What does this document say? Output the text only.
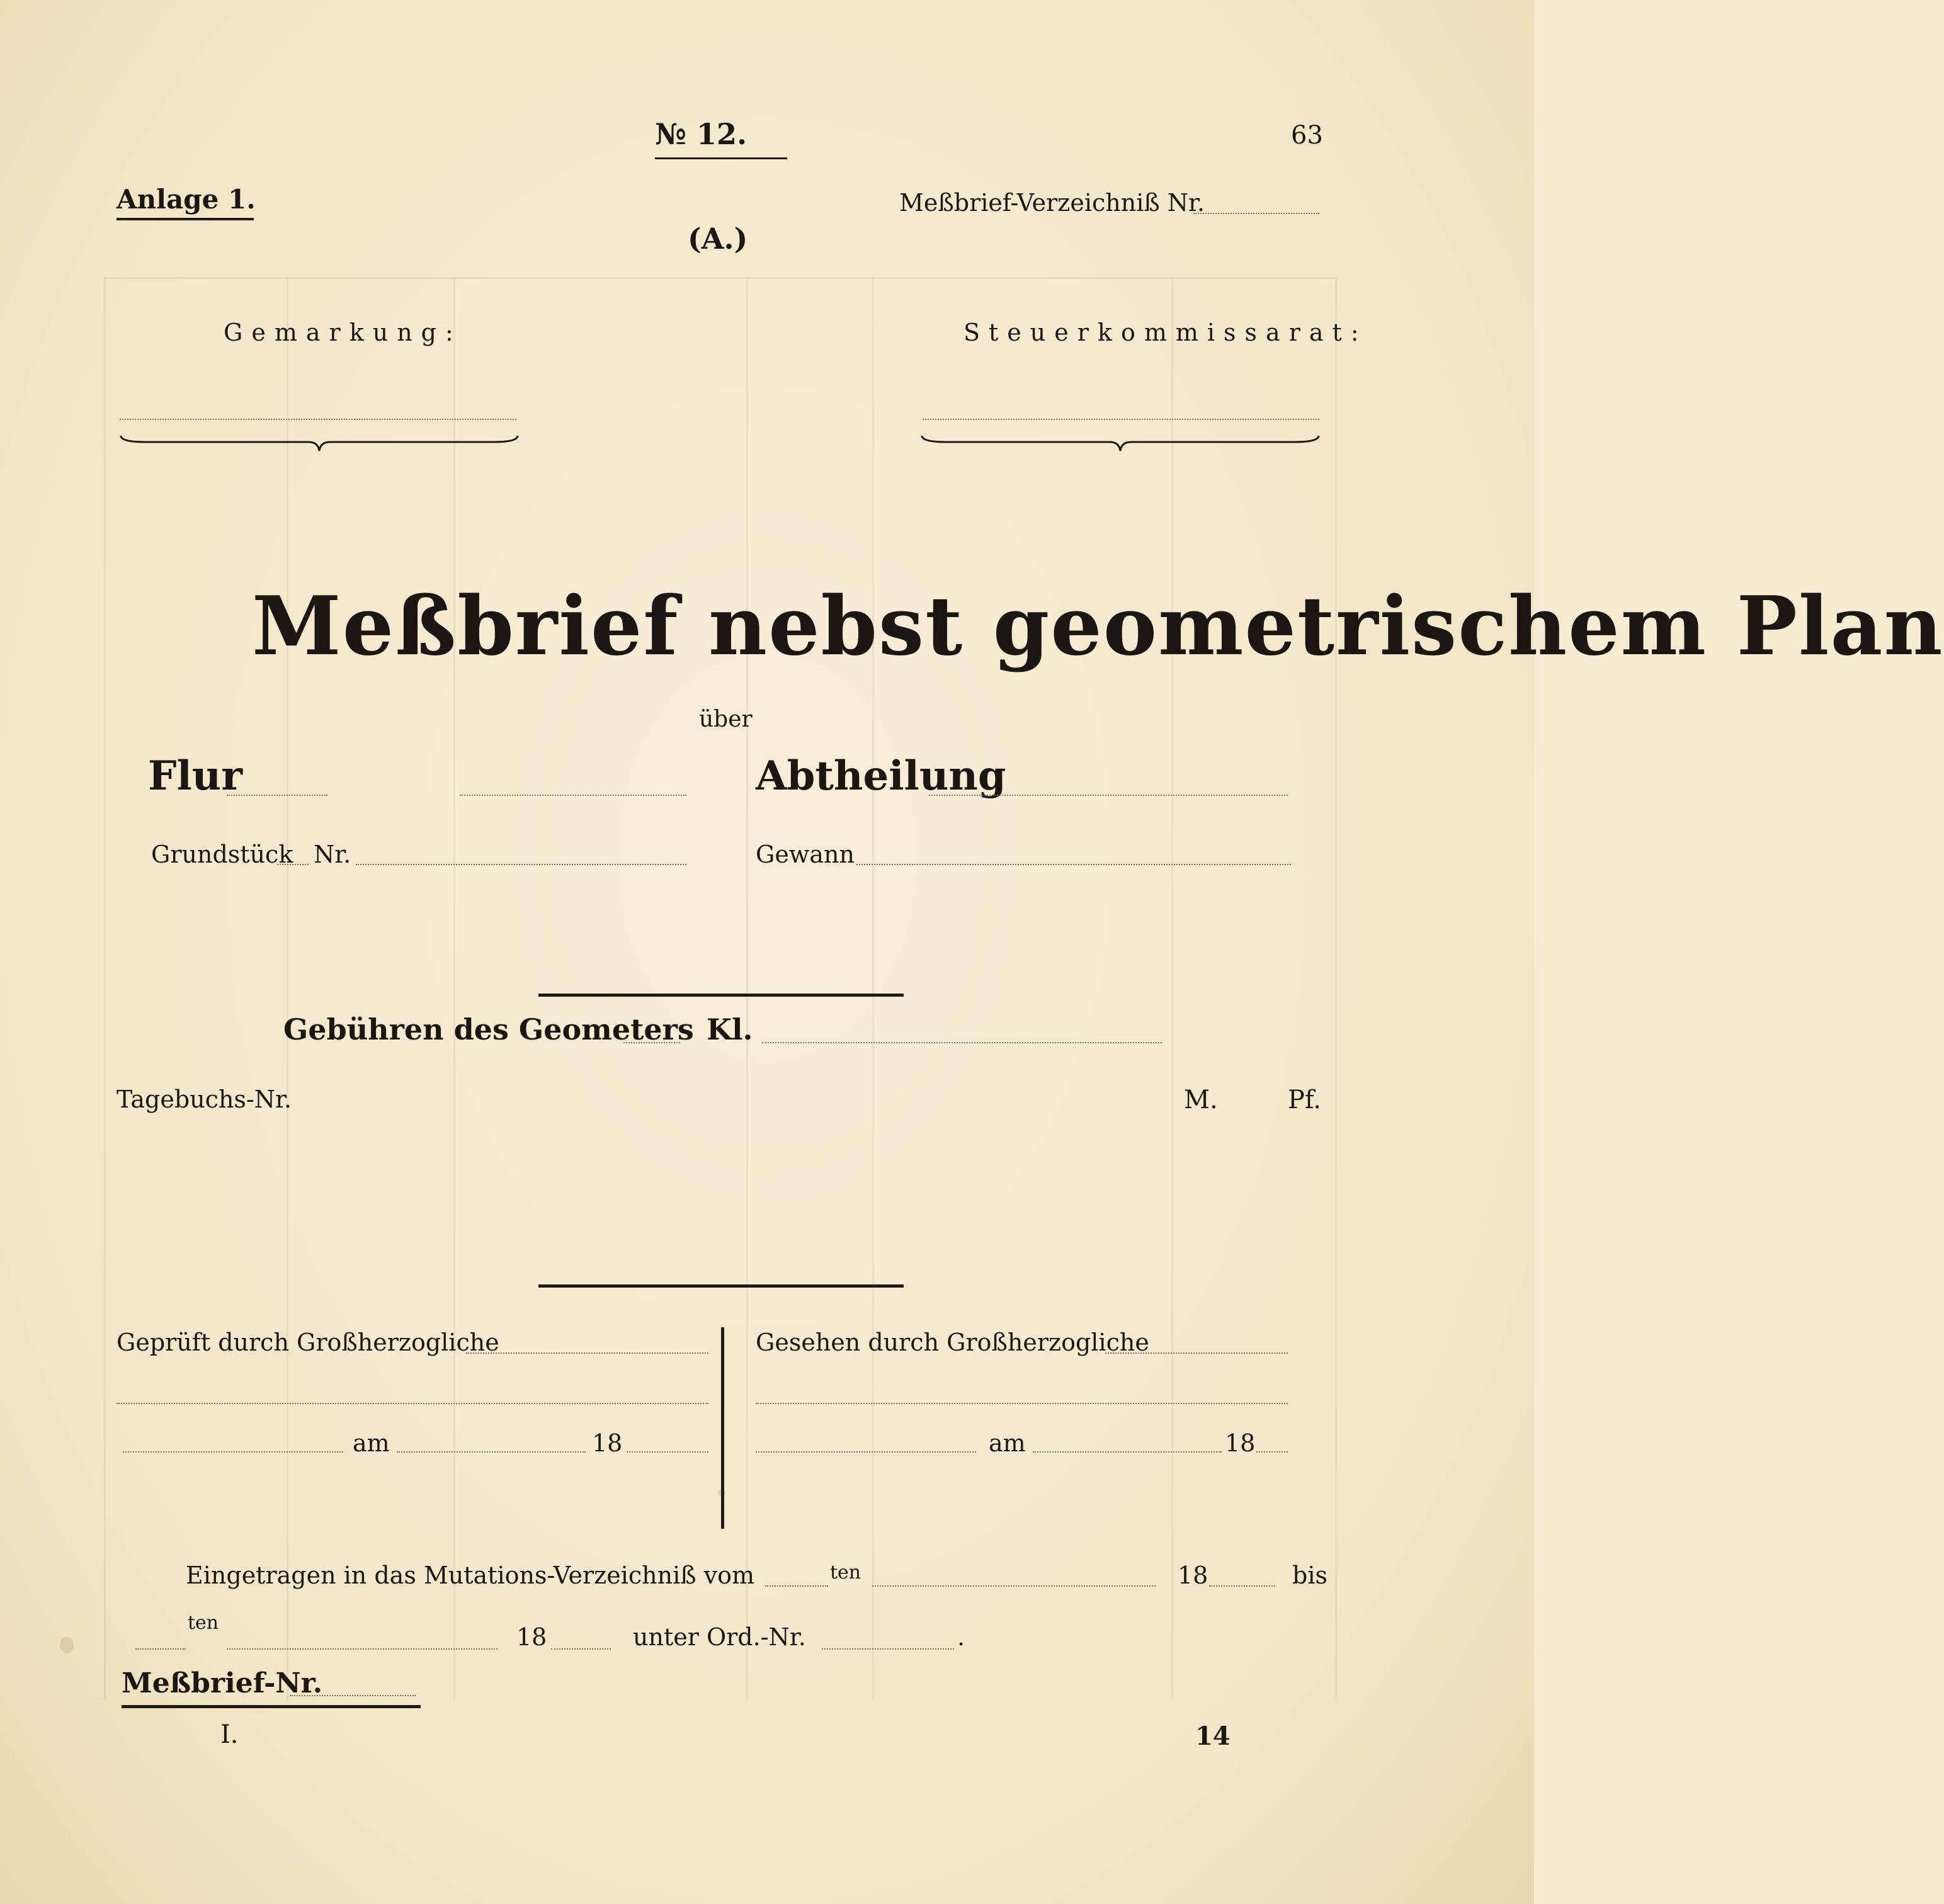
№ 12.	63
Anlage 1.	Meßbrief-Verzeichniß Nr.
(A.)
Gemarkung:	Steuerkommissarat:
Meßbrief nebst geometrischem Plan
über
Flur	Abtheilung
Grundstück Nr.	Gewann
Gebühren des Geometers Kl.
Tagebuchs-Nr.	M.	Pf.
Geprüft durch Großherzogliche
am	18
Gesehen durch Großherzogliche
am	18
Eingetragen in das Mutations-Verzeichniß vom	ten	18	bis
ten
18	unter Ord.-Nr.	.
Meßbrief-Nr.
I.	14
